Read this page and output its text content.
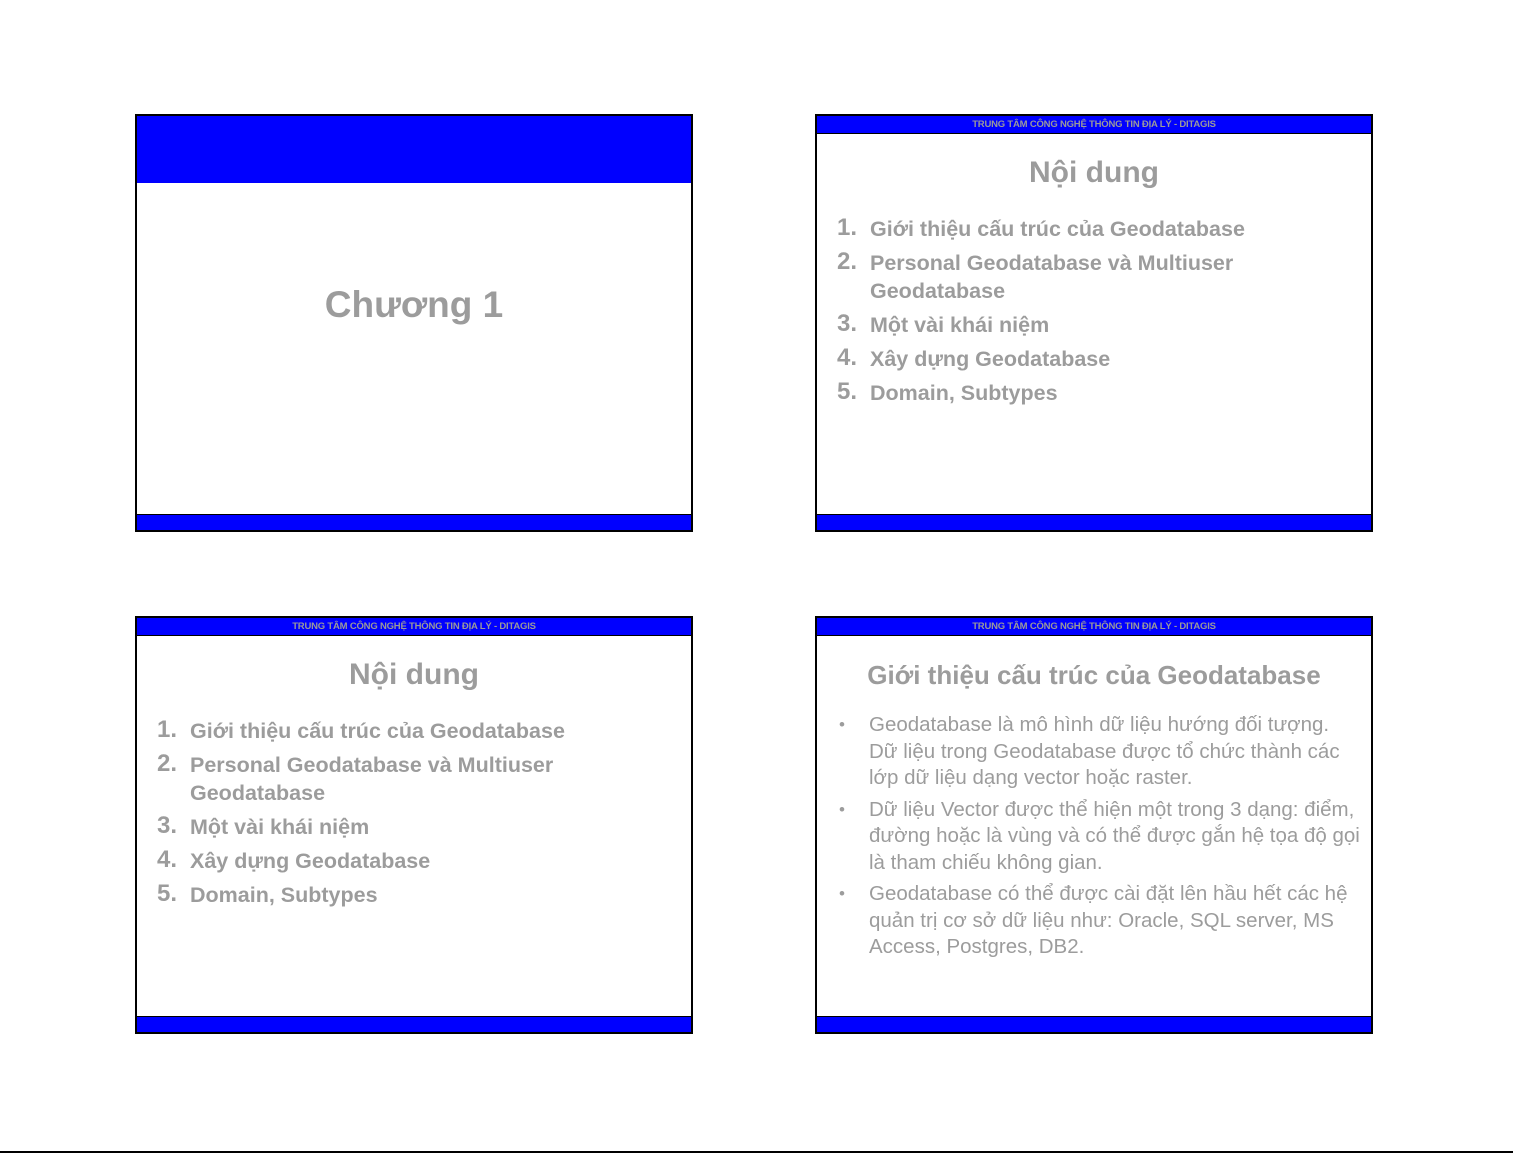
Chương 1
TRUNG TÂM CÔNG NGHỆ THÔNG TIN ĐỊA LÝ - DITAGIS
Nội dung
1. Giới thiệu cấu trúc của Geodatabase
2. Personal Geodatabase và Multiuser Geodatabase
3. Một vài khái niệm
4. Xây dựng Geodatabase
5. Domain, Subtypes
TRUNG TÂM CÔNG NGHỆ THÔNG TIN ĐỊA LÝ - DITAGIS
Nội dung
1. Giới thiệu cấu trúc của Geodatabase
2. Personal Geodatabase và Multiuser Geodatabase
3. Một vài khái niệm
4. Xây dựng Geodatabase
5. Domain, Subtypes
TRUNG TÂM CÔNG NGHỆ THÔNG TIN ĐỊA LÝ - DITAGIS
Giới thiệu cấu trúc của Geodatabase
• Geodatabase là mô hình dữ liệu hướng đối tượng. Dữ liệu trong Geodatabase được tổ chức thành các lớp dữ liệu dạng vector hoặc raster.
• Dữ liệu Vector được thể hiện một trong 3 dạng: điểm, đường hoặc là vùng và có thể được gắn hệ tọa độ gọi là tham chiếu không gian.
• Geodatabase có thể được cài đặt lên hầu hết các hệ quản trị cơ sở dữ liệu như: Oracle, SQL server, MS Access, Postgres, DB2.
